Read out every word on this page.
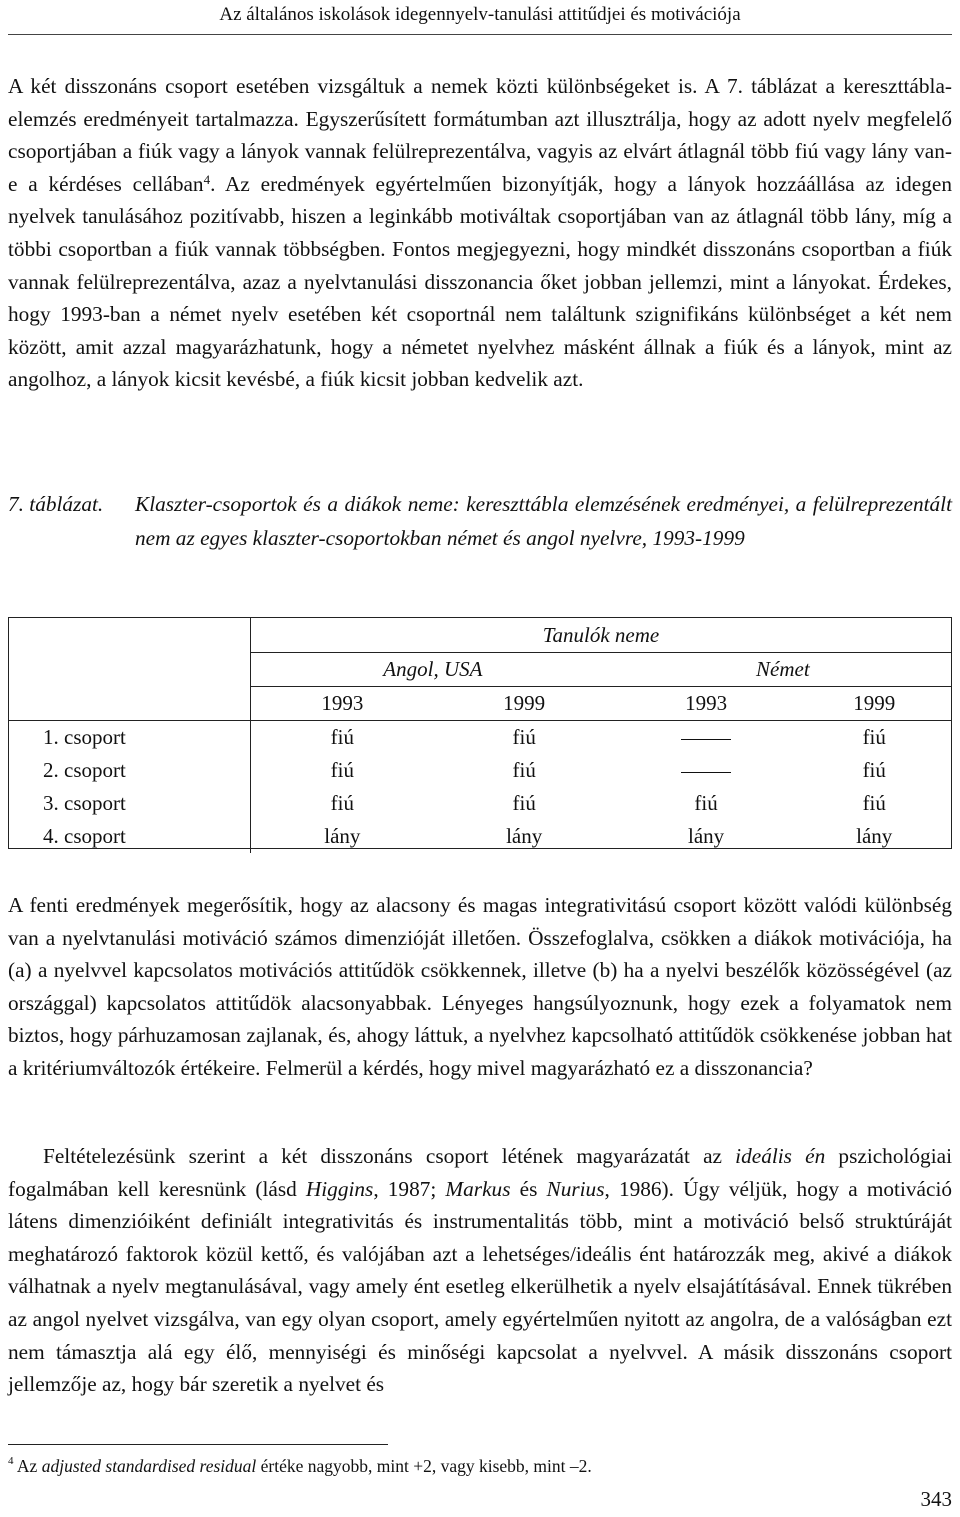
Az általános iskolások idegennyelv-tanulási attitűdjei és motivációja

A két disszonáns csoport esetében vizsgáltuk a nemek közti különbségeket is. A 7. táblázat a kereszttábla-elemzés eredményeit tartalmazza. Egyszerűsített formátumban azt illusztrálja, hogy az adott nyelv megfelelő csoportjában a fiúk vagy a lányok vannak felülreprezentálva, vagyis az elvárt átlagnál több fiú vagy lány van-e a kérdéses cellában$^4$. Az eredmények egyértelműen bizonyítják, hogy a lányok hozzáállása az idegen nyelvek tanulásához pozitívabb, hiszen a leginkább motiváltak csoportjában van az átlagnál több lány, míg a többi csoportban a fiúk vannak többségben. Fontos megjegyezni, hogy mindkét disszonáns csoportban a fiúk vannak felülreprezentálva, azaz a nyelvtanulási disszonancia őket jobban jellemzi, mint a lányokat. Érdekes, hogy 1993-ban a német nyelv esetében két csoportnál nem találtunk szignifikáns különbséget a két nem között, amit azzal magyarázhatunk, hogy a németet nyelvhez másként állnak a fiúk és a lányok, mint az angolhoz, a lányok kicsit kevésbé, a fiúk kicsit jobban kedvelik azt.

7. táblázat.	Klaszter-csoportok és a diákok neme: kereszttábla elemzésének eredményei, a felülreprezentált nem az egyes klaszter-csoportokban német és angol nyelvre, 1993-1999
	Tanulók neme			
	Angol, USA		Német	
	1993	1999	1993	1999
1. csoport	fiú	fiú		fiú
2. csoport	fiú	fiú		fiú
3. csoport	fiú	fiú	fiú	fiú
4. csoport	lány	lány	lány	lány

A fenti eredmények megerősítik, hogy az alacsony és magas integrativitású csoport között valódi különbség van a nyelvtanulási motiváció számos dimenzióját illetően. Összefoglalva, csökken a diákok motivációja, ha (a) a nyelvvel kapcsolatos motivációs attitűdök csökkennek, illetve (b) ha a nyelvi beszélők közösségével (az országgal) kapcsolatos attitűdök alacsonyabbak. Lényeges hangsúlyoznunk, hogy ezek a folyamatok nem biztos, hogy párhuzamosan zajlanak, és, ahogy láttuk, a nyelvhez kapcsolható attitűdök csökkenése jobban hat a kritériumváltozók értékeire. Felmerül a kérdés, hogy mivel magyarázható ez a disszonancia?

Feltételezésünk szerint a két disszonáns csoport létének magyarázatát az ideális én pszichológiai fogalmában kell keresnünk (lásd Higgins, 1987; Markus és Nurius, 1986). Úgy véljük, hogy a motiváció látens dimenzióiként definiált integrativitás és instrumentalitás több, mint a motiváció belső struktúráját meghatározó faktorok közül kettő, és valójában azt a lehetséges/ideális ént határozzák meg, akivé a diákok válhatnak a nyelv megtanulásával, vagy amely ént esetleg elkerülhetik a nyelv elsajátításával. Ennek tükrében az angol nyelvet vizsgálva, van egy olyan csoport, amely egyértelműen nyitott az angolra, de a valóságban ezt nem támasztja alá egy élő, mennyiségi és minőségi kapcsolat a nyelvvel. A másik disszonáns csoport jellemzője az, hogy bár szeretik a nyelvet és

$^4$ Az adjusted standardised residual értéke nagyobb, mint +2, vagy kisebb, mint –2.
343
